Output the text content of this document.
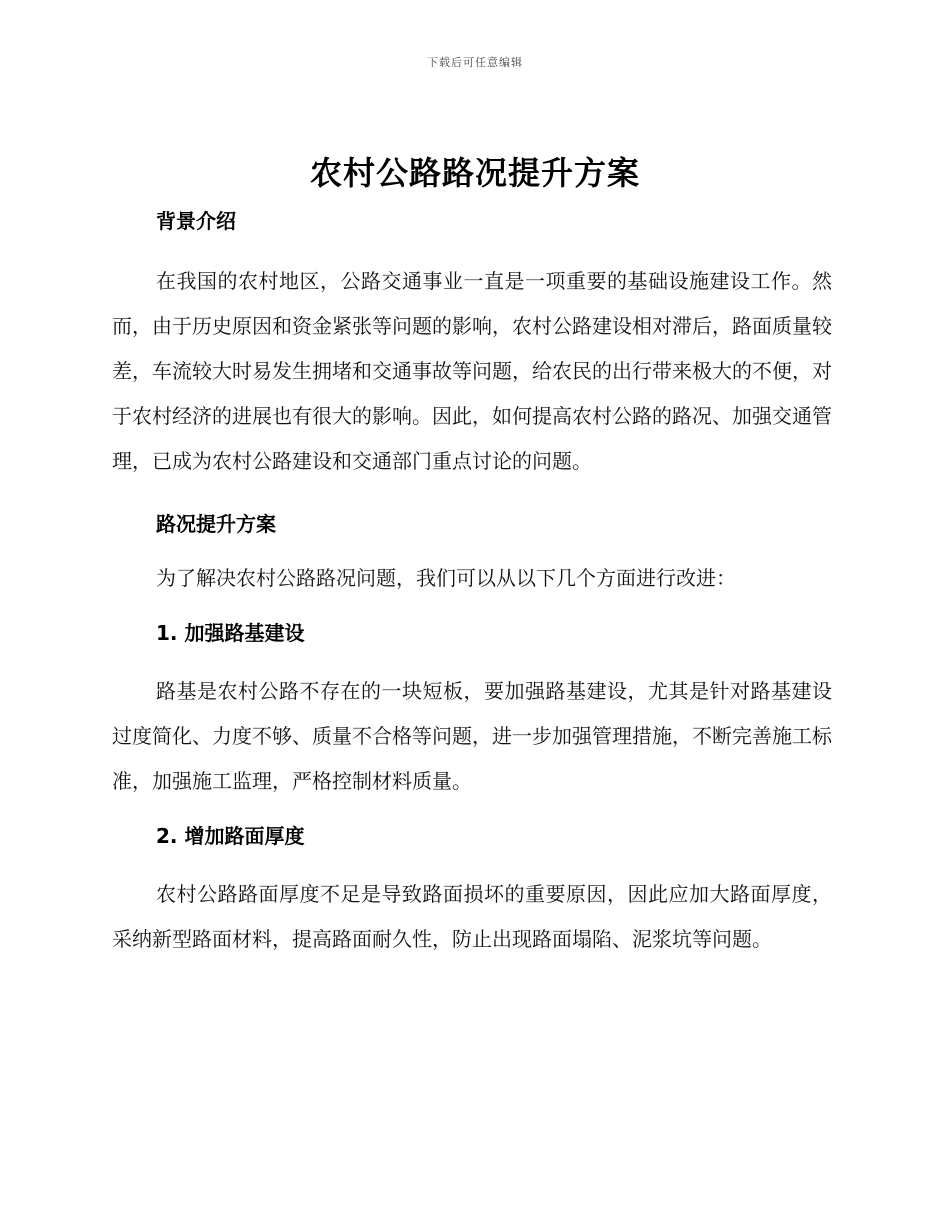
下载后可任意编辑
农村公路路况提升方案
背景介绍

在我国的农村地区，公路交通事业一直是一项重要的基础设施建设工作。然而，由于历史原因和资金紧张等问题的影响，农村公路建设相对滞后，路面质量较差，车流较大时易发生拥堵和交通事故等问题，给农民的出行带来极大的不便，对于农村经济的进展也有很大的影响。因此，如何提高农村公路的路况、加强交通管理，已成为农村公路建设和交通部门重点讨论的问题。

路况提升方案

为了解决农村公路路况问题，我们可以从以下几个方面进行改进：

1. 加强路基建设

路基是农村公路不存在的一块短板，要加强路基建设，尤其是针对路基建设过度简化、力度不够、质量不合格等问题，进一步加强管理措施，不断完善施工标准，加强施工监理，严格控制材料质量。

2. 增加路面厚度

农村公路路面厚度不足是导致路面损坏的重要原因，因此应加大路面厚度，采纳新型路面材料，提高路面耐久性，防止出现路面塌陷、泥浆坑等问题。
